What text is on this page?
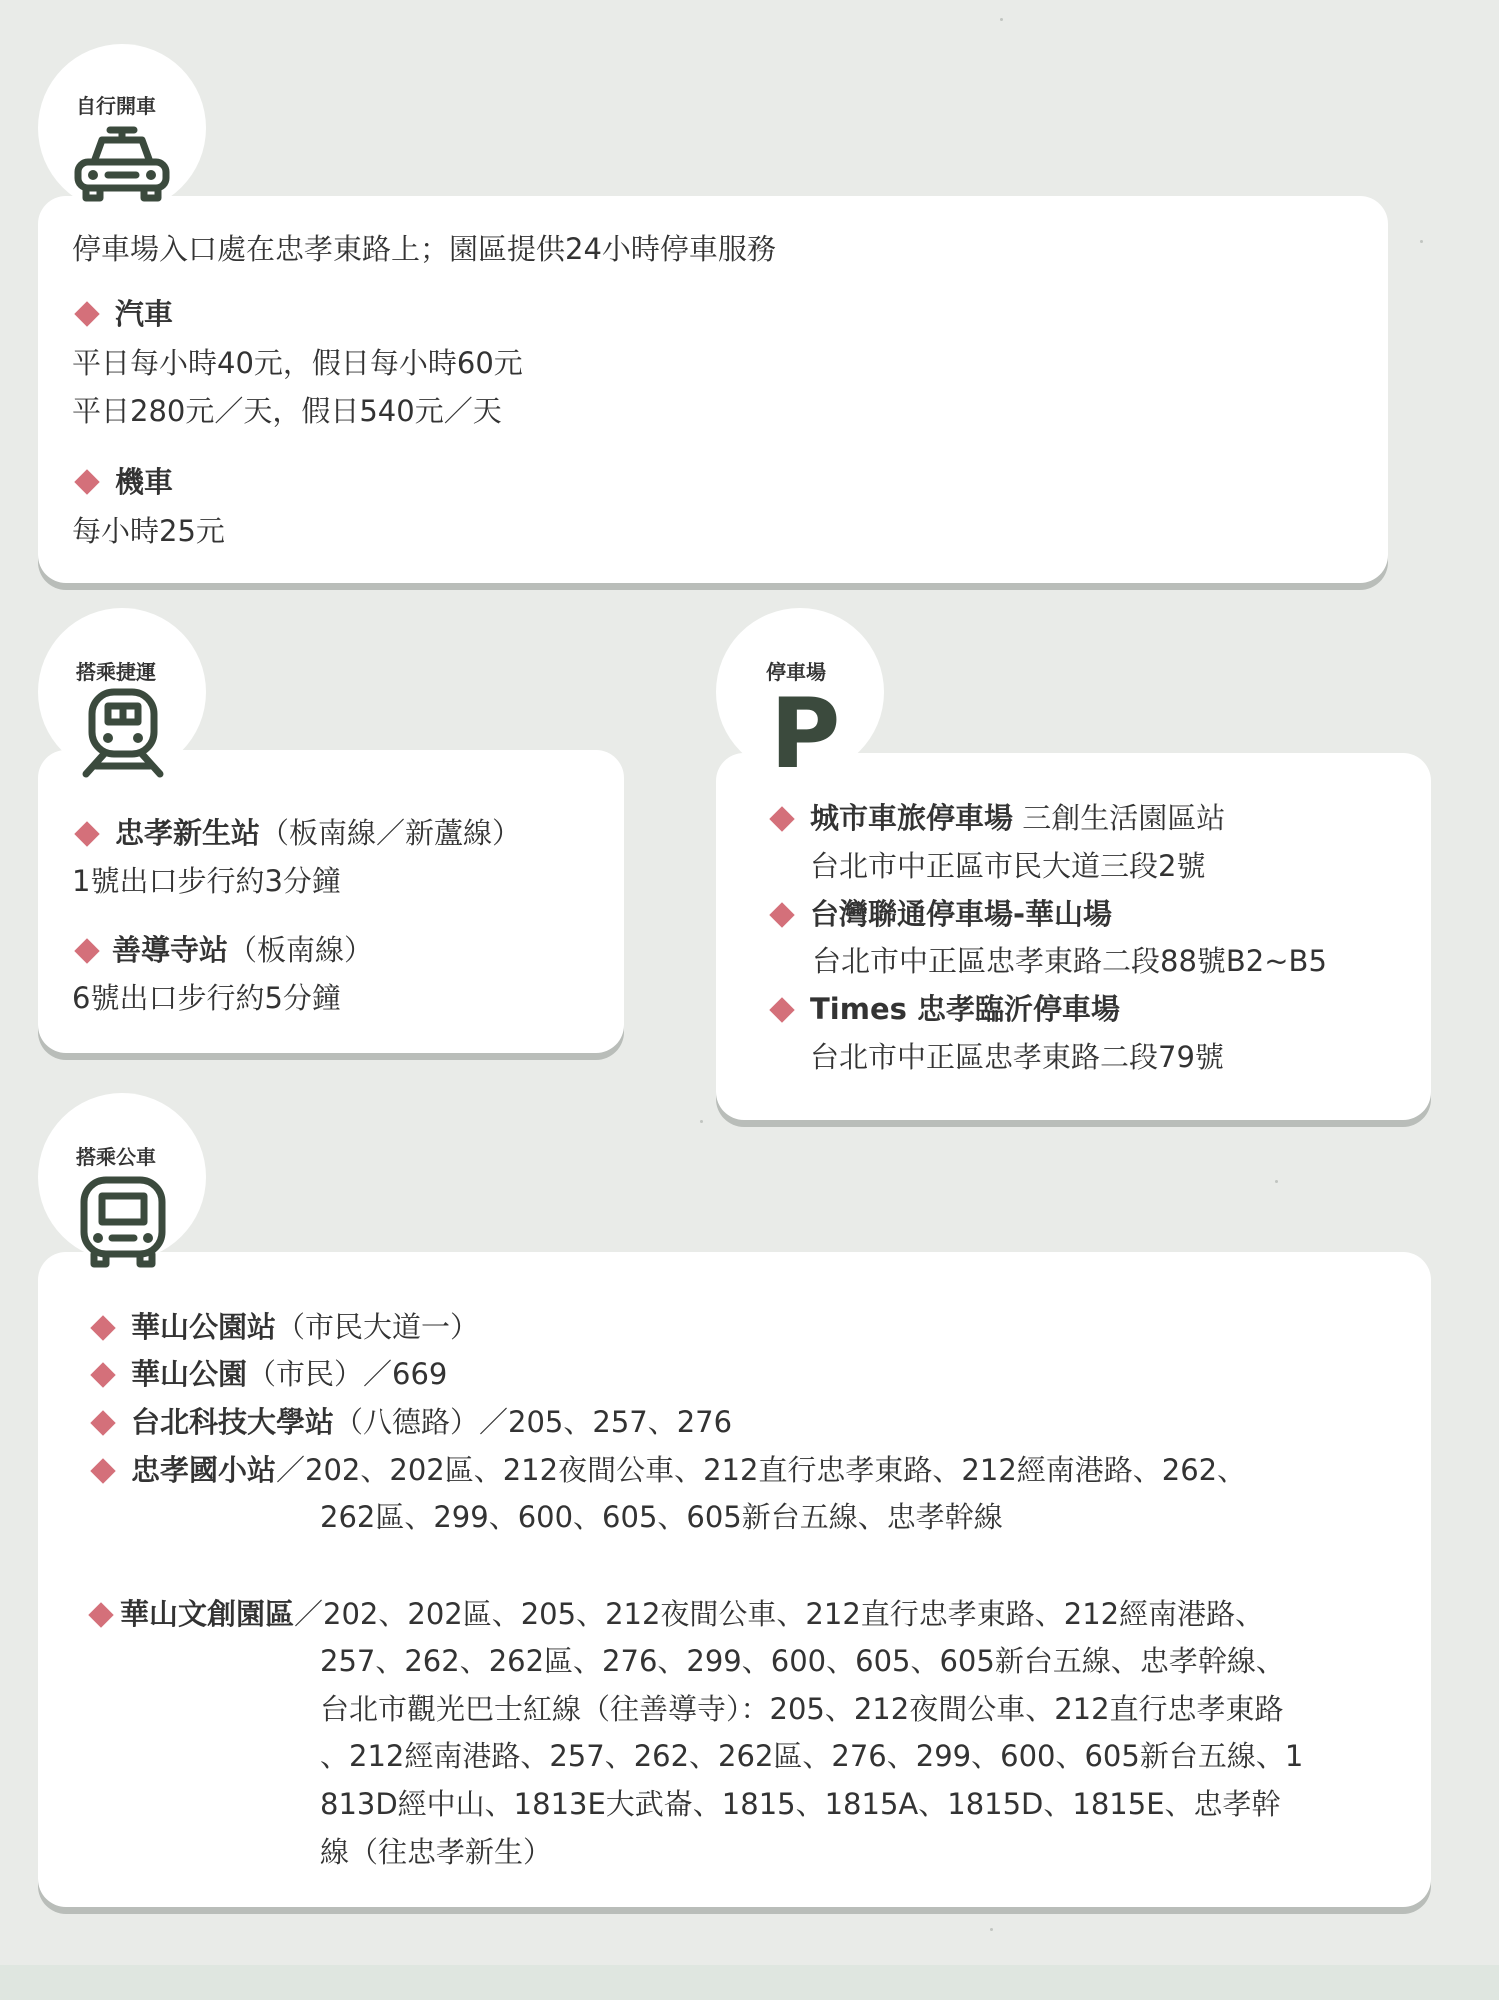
自行開車
停車場入口處在忠孝東路上；園區提供24小時停車服務
汽車
平日每小時40元，假日每小時60元
平日280元／天，假日540元／天
機車
每小時25元
搭乘捷運
忠孝新生站（板南線／新蘆線）
1號出口步行約3分鐘
善導寺站（板南線）
6號出口步行約5分鐘
停車場
P
城市車旅停車場 三創生活園區站
台北市中正區市民大道三段2號
台灣聯通停車場-華山場
台北市中正區忠孝東路二段88號B2~B5
Times 忠孝臨沂停車場
台北市中正區忠孝東路二段79號
搭乘公車
華山公園站（市民大道一）
華山公園（市民）／669
台北科技大學站（八德路）／205、257、276
忠孝國小站／202、202區、212夜間公車、212直行忠孝東路、212經南港路、262、
262區、299、600、605、605新台五線、忠孝幹線
華山文創園區／202、202區、205、212夜間公車、212直行忠孝東路、212經南港路、
257、262、262區、276、299、600、605、605新台五線、忠孝幹線、
台北市觀光巴士紅線（往善導寺）：205、212夜間公車、212直行忠孝東路
、212經南港路、257、262、262區、276、299、600、605新台五線、1
813D經中山、1813E大武崙、1815、1815A、1815D、1815E、忠孝幹
線（往忠孝新生）
